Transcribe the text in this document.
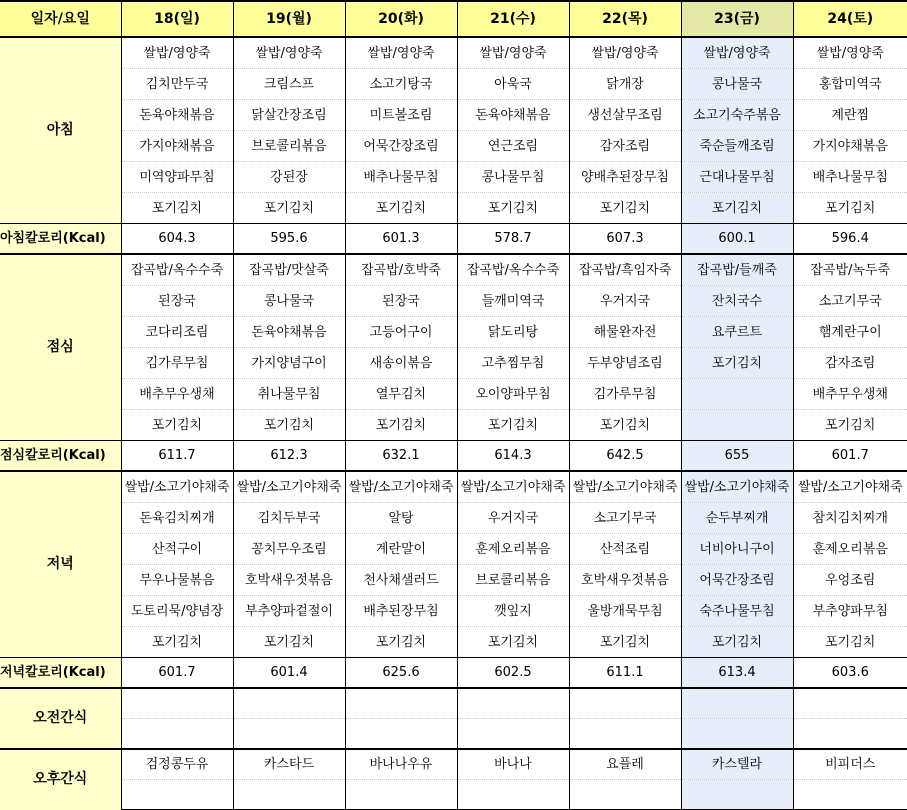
일자/요일	18(일)	19(월)	20(화)	21(수)	22(목)	23(금)	24(토)
아침	쌀밥/영양죽	쌀밥/영양죽	쌀밥/영양죽	쌀밥/영양죽	쌀밥/영양죽	쌀밥/영양죽	쌀밥/영양죽
	김치만두국	크림스프	소고기탕국	아욱국	닭개장	콩나물국	홍합미역국
	돈육야채볶음	닭살간장조림	미트볼조림	돈육야채볶음	생선살무조림	소고기숙주볶음	계란찜
	가지야채볶음	브로콜리볶음	어묵간장조림	연근조림	감자조림	죽순들깨조림	가지야채볶음
	미역양파무침	강된장	배추나물무침	콩나물무침	양배추된장무침	근대나물무침	배추나물무침
	포기김치	포기김치	포기김치	포기김치	포기김치	포기김치	포기김치
아침칼로리(Kcal)	604.3	595.6	601.3	578.7	607.3	600.1	596.4
점심	잡곡밥/옥수수죽	잡곡밥/맛살죽	잡곡밥/호박죽	잡곡밥/옥수수죽	잡곡밥/흑임자죽	잡곡밥/들깨죽	잡곡밥/녹두죽
	된장국	콩나물국	된장국	들깨미역국	우거지국	잔치국수	소고기무국
	코다리조림	돈육야채볶음	고등어구이	닭도리탕	해물완자전	요쿠르트	햄계란구이
	김가루무침	가지양념구이	새송이볶음	고추찜무침	두부양념조림	포기김치	감자조림
	배추무우생채	취나물무침	열무김치	오이양파무침	김가루무침		배추무우생채
	포기김치	포기김치	포기김치	포기김치	포기김치		포기김치
점심칼로리(Kcal)	611.7	612.3	632.1	614.3	642.5	655	601.7
저녁	쌀밥/소고기야채죽	쌀밥/소고기야채죽	쌀밥/소고기야채죽	쌀밥/소고기야채죽	쌀밥/소고기야채죽	쌀밥/소고기야채죽	쌀밥/소고기야채죽
	돈육김치찌개	김치두부국	알탕	우거지국	소고기무국	순두부찌개	참치김치찌개
	산적구이	꽁치무우조림	계란말이	훈제오리볶음	산적조림	너비아니구이	훈제오리볶음
	무우나물볶음	호박새우젓볶음	천사채샐러드	브로콜리볶음	호박새우젓볶음	어묵간장조림	우엉조림
	도토리묵/양념장	부추양파겉절이	배추된장무침	깻잎지	울방개묵무침	숙주나물무침	부추양파무침
	포기김치	포기김치	포기김치	포기김치	포기김치	포기김치	포기김치
저녁칼로리(Kcal)	601.7	601.4	625.6	602.5	611.1	613.4	603.6
오전간식							

오후간식	검정콩두유	카스타드	바나나우유	바나나	요플레	카스텔라	비피더스
